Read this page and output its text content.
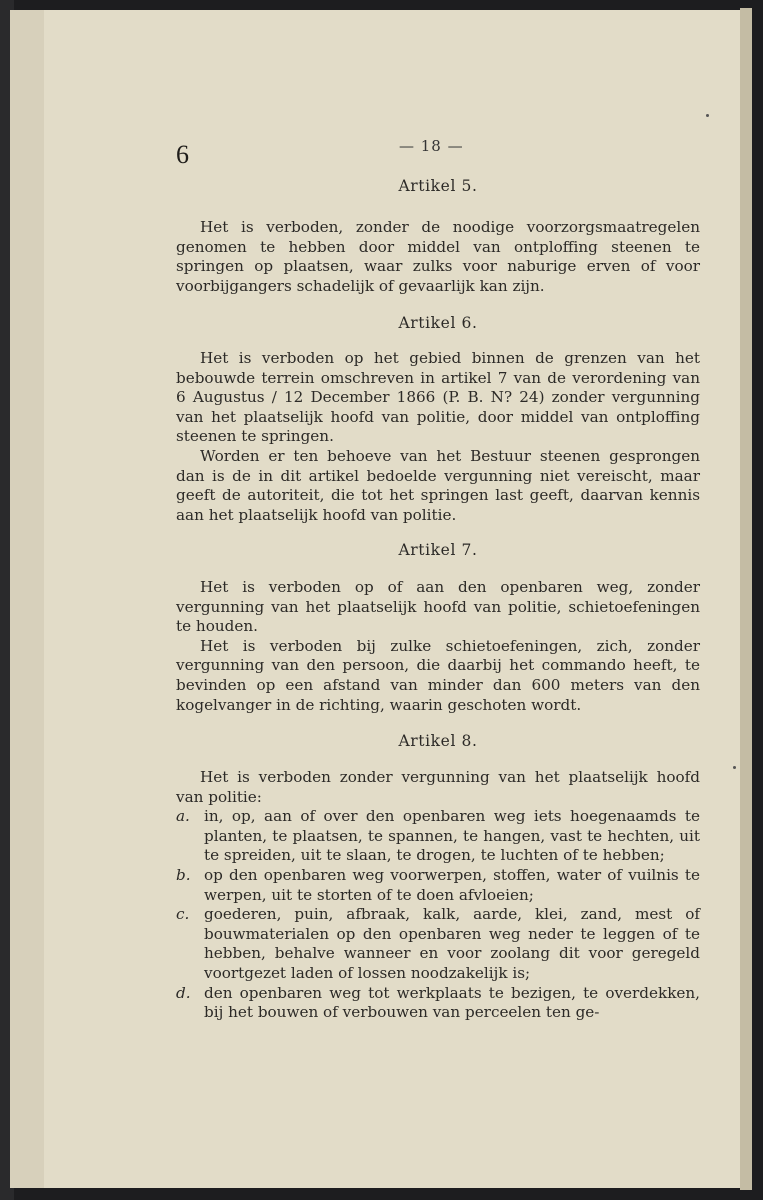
6	— 18 —
Artikel 5.

Het is verboden, zonder de noodige voorzorgsmaatregelen genomen te hebben door middel van ontploffing steenen te springen op plaatsen, waar zulks voor naburige erven of voor voorbijgangers schadelijk of gevaarlijk kan zijn.

Artikel 6.

Het is verboden op het gebied binnen de grenzen van het bebouwde terrein omschreven in artikel 7 van de verordening van 6 Augustus / 12 December 1866 (P. B. N? 24) zonder vergunning van het plaatselijk hoofd van politie, door middel van ontploffing steenen te springen.

Worden er ten behoeve van het Bestuur steenen gesprongen dan is de in dit artikel bedoelde vergunning niet vereischt, maar geeft de autoriteit, die tot het springen last geeft, daarvan kennis aan het plaatselijk hoofd van politie.

Artikel 7.

Het is verboden op of aan den openbaren weg, zonder vergunning van het plaatselijk hoofd van politie, schietoefeningen te houden.

Het is verboden bij zulke schietoefeningen, zich, zonder vergunning van den persoon, die daarbij het commando heeft, te bevinden op een afstand van minder dan 600 meters van den kogelvanger in de richting, waarin geschoten wordt.

Artikel 8.

Het is verboden zonder vergunning van het plaatselijk hoofd van politie:

a. in, op, aan of over den openbaren weg iets hoegenaamds te planten, te plaatsen, te spannen, te hangen, vast te hechten, uit te spreiden, uit te slaan, te drogen, te luchten of te hebben;

b. op den openbaren weg voorwerpen, stoffen, water of vuilnis te werpen, uit te storten of te doen afvloeien;

c. goederen, puin, afbraak, kalk, aarde, klei, zand, mest of bouwmaterialen op den openbaren weg neder te leggen of te hebben, behalve wanneer en voor zoolang dit voor geregeld voortgezet laden of lossen noodzakelijk is;

d. den openbaren weg tot werkplaats te bezigen, te overdekken, bij het bouwen of verbouwen van perceelen ten ge-
